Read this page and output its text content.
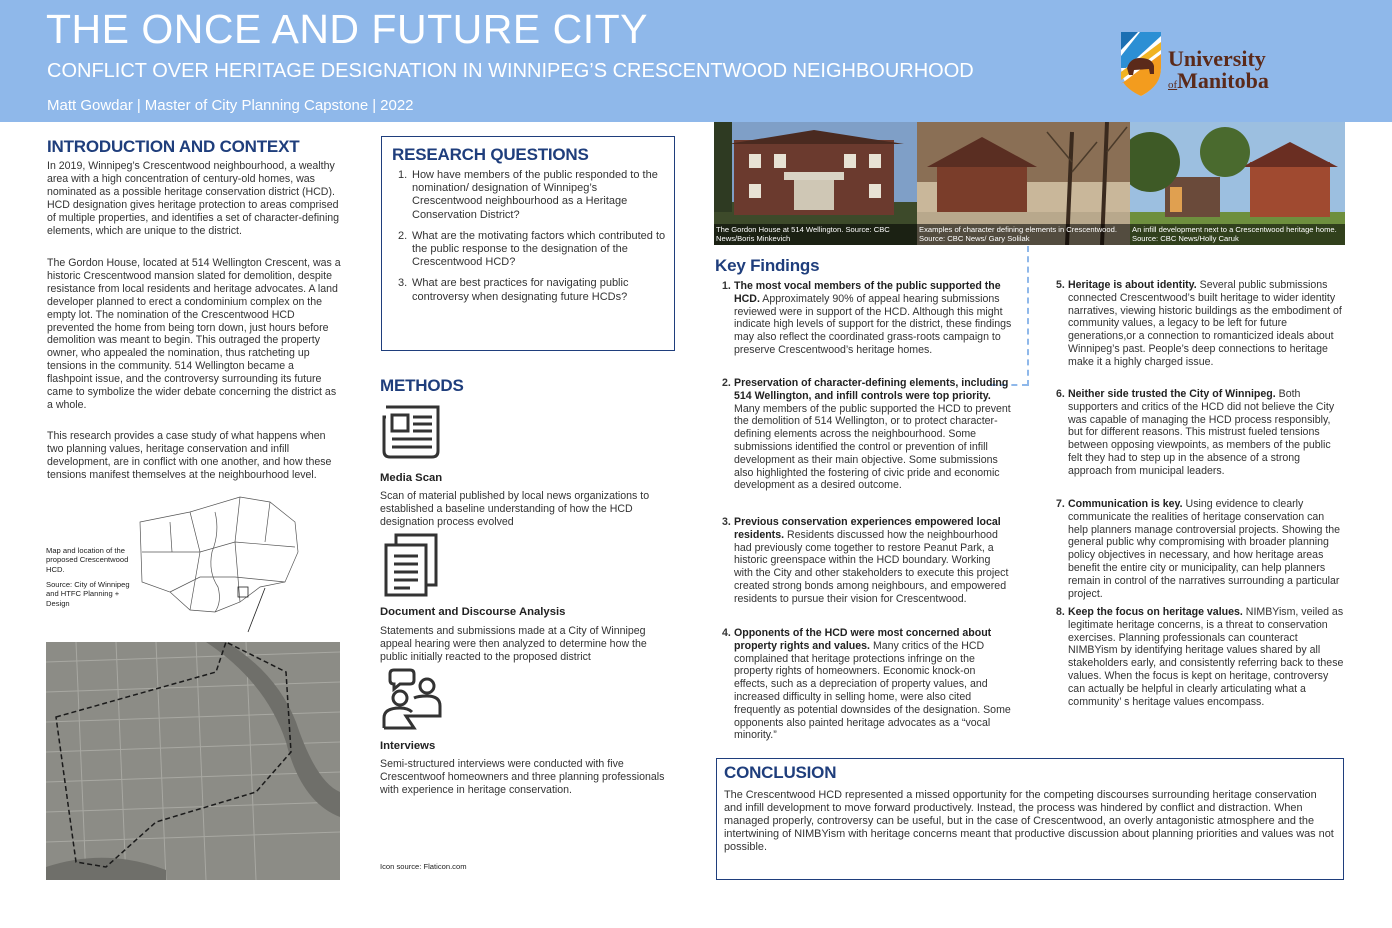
THE ONCE AND FUTURE CITY
CONFLICT OVER HERITAGE DESIGNATION IN WINNIPEG’S CRESCENTWOOD NEIGHBOURHOOD
Matt Gowdar | Master of City Planning Capstone | 2022
University
ofManitoba
INTRODUCTION AND CONTEXT
In 2019, Winnipeg’s Crescentwood neighbourhood, a wealthy area with a high concentration of century-old homes, was nominated as a possible heritage conservation district (HCD). HCD designation gives heritage protection to areas comprised of multiple properties, and identifies a set of character-defining elements, which are unique to the district.
The Gordon House, located at 514 Wellington Crescent, was a historic Crescentwood mansion slated for demolition, despite resistance from local residents and heritage advocates. A land developer planned to erect a condominium complex on the empty lot. The nomination of the Crescentwood HCD prevented the home from being torn down, just hours before demolition was meant to begin. This outraged the property owner, who appealed the nomination, thus ratcheting up tensions in the community. 514 Wellington became a flashpoint issue, and the controversy surrounding its future came to symbolize the wider debate concerning the district as a whole.
This research provides a case study of what happens when two planning values, heritage conservation and infill development, are in conflict with one another, and how these tensions manifest themselves at the neighbourhood level.
Map and location of the proposed Crescentwood HCD.
Source: City of Winnipeg and HTFC Planning + Design
RESEARCH QUESTIONS
1. How have members of the public responded to the nomination/ designation of Winnipeg’s Crescentwood neighbourhood as a Heritage Conservation District?
2. What are the motivating factors which contributed to the public response to the designation of the Crescentwood HCD?
3. What are best practices for navigating public controversy when designating future HCDs?
METHODS
Media Scan
Scan of material published by local news organizations to established a baseline understanding of how the HCD designation process evolved
Document and Discourse Analysis
Statements and submissions made at a City of Winnipeg appeal hearing were then analyzed to determine how the public initially reacted to the proposed district
Interviews
Semi-structured interviews were conducted with five Crescentwoof homeowners and three planning professionals with experience in heritage conservation.
Icon source: Flaticon.com
The Gordon House at 514 Wellington. Source: CBC News/Boris Minkevich
Examples of character defining elements in Crescentwood. Source: CBC News/ Gary Solilak
An infill development next to a Crescentwood heritage home. Source: CBC News/Holly Caruk
Key Findings
1. The most vocal members of the public supported the HCD. Approximately 90% of appeal hearing submissions reviewed were in support of the HCD. Although this might indicate high levels of support for the district, these findings may also reflect the coordinated grass-roots campaign to preserve Crescentwood’s heritage homes.
2. Preservation of character-defining elements, including 514 Wellington, and infill controls were top priority. Many members of the public supported the HCD to prevent the demolition of 514 Wellington, or to protect character-defining elements across the neighbourhood. Some submissions identified the control or prevention of infill development as their main objective. Some submissions also highlighted the fostering of civic pride and economic development as a desired outcome.
3. Previous conservation experiences empowered local residents. Residents discussed how the neighbourhood had previously come together to restore Peanut Park, a historic greenspace within the HCD boundary. Working with the City and other stakeholders to execute this project created strong bonds among neighbours, and empowered residents to pursue their vision for Crescentwood.
4. Opponents of the HCD were most concerned about property rights and values. Many critics of the HCD complained that heritage protections infringe on the property rights of homeowners. Economic knock-on effects, such as a depreciation of property values, and increased difficulty in selling home, were also cited frequently as potential downsides of the designation. Some opponents also painted heritage advocates as a “vocal minority.”
5. Heritage is about identity. Several public submissions connected Crescentwood’s built heritage to wider identity narratives, viewing historic buildings as the embodiment of community values, a legacy to be left for future generations,or a connection to romanticized ideals about Winnipeg’s past. People’s deep connections to heritage make it a highly charged issue.
6. Neither side trusted the City of Winnipeg. Both supporters and critics of the HCD did not believe the City was capable of managing the HCD process responsibly, but for different reasons. This mistrust fueled tensions between opposing viewpoints, as members of the public felt they had to step up in the absence of a strong approach from municipal leaders.
7. Communication is key. Using evidence to clearly communicate the realities of heritage conservation can help planners manage controversial projects. Showing the general public why compromising with broader planning policy objectives in necessary, and how heritage areas benefit the entire city or municipality, can help planners remain in control of the narratives surrounding a particular project.
8. Keep the focus on heritage values. NIMBYism, veiled as legitimate heritage concerns, is a threat to conservation exercises. Planning professionals can counteract NIMBYism by identifying heritage values shared by all stakeholders early, and consistently referring back to these values. When the focus is kept on heritage, controversy can actually be helpful in clearly articulating what a community’ s heritage values encompass.
CONCLUSION
The Crescentwood HCD represented a missed opportunity for the competing discourses surrounding heritage conservation and infill development to move forward productively. Instead, the process was hindered by conflict and distraction. When managed properly, controversy can be useful, but in the case of Crescentwood, an overly antagonistic atmosphere and the intertwining of NIMBYism with heritage concerns meant that productive discussion about planning priorities and values was not possible.
